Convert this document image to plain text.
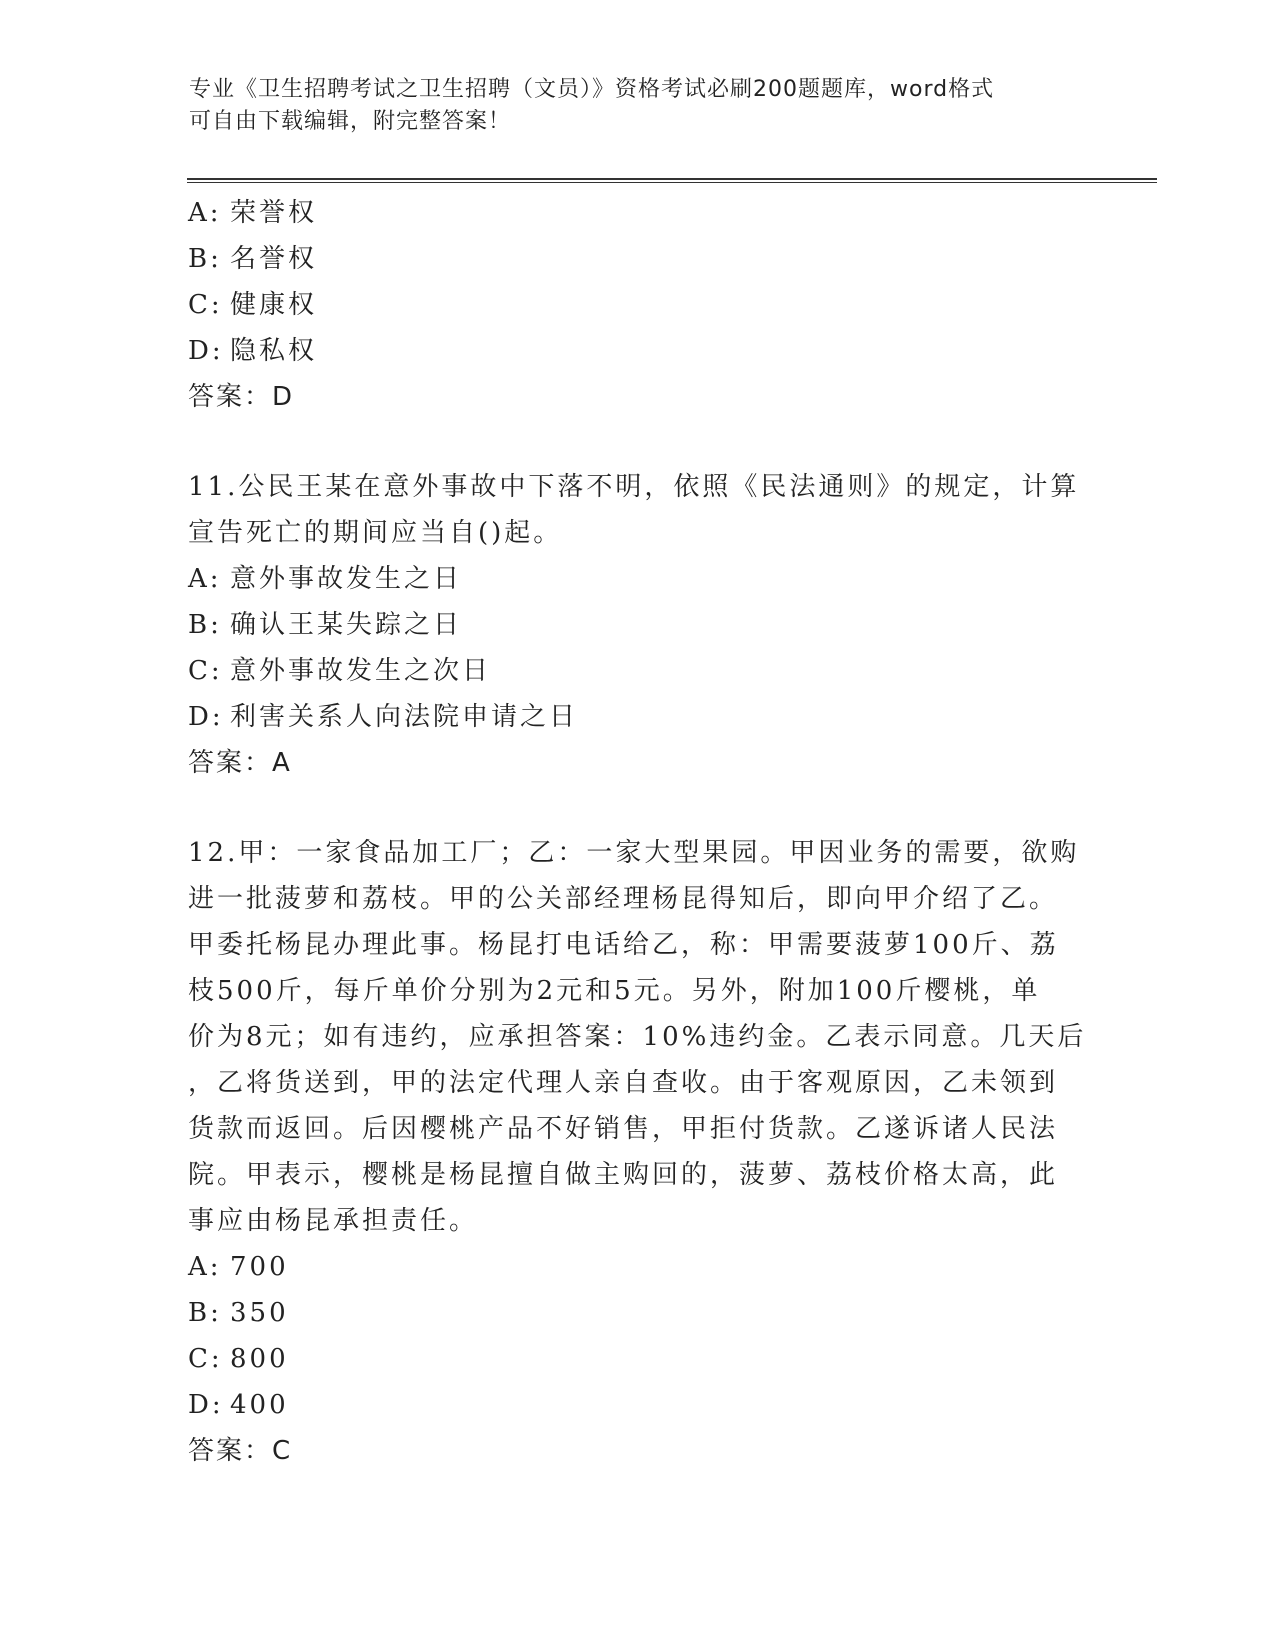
专业《卫生招聘考试之卫生招聘（文员）》资格考试必刷200题题库，word格式
可自由下载编辑，附完整答案！
A: 荣誉权
B: 名誉权
C: 健康权
D: 隐私权
答案：D
11.公民王某在意外事故中下落不明，依照《民法通则》的规定，计算
宣告死亡的期间应当自()起。
A: 意外事故发生之日
B: 确认王某失踪之日
C: 意外事故发生之次日
D: 利害关系人向法院申请之日
答案：A
12.甲：一家食品加工厂；乙：一家大型果园。甲因业务的需要，欲购
进一批菠萝和荔枝。甲的公关部经理杨昆得知后，即向甲介绍了乙。
甲委托杨昆办理此事。杨昆打电话给乙，称：甲需要菠萝100斤、荔
枝500斤，每斤单价分别为2元和5元。另外，附加100斤樱桃，单
价为8元；如有违约，应承担答案：10%违约金。乙表示同意。几天后
，乙将货送到，甲的法定代理人亲自查收。由于客观原因，乙未领到
货款而返回。后因樱桃产品不好销售，甲拒付货款。乙遂诉诸人民法
院。甲表示，樱桃是杨昆擅自做主购回的，菠萝、荔枝价格太高，此
事应由杨昆承担责任。
A: 700
B: 350
C: 800
D: 400
答案：C
